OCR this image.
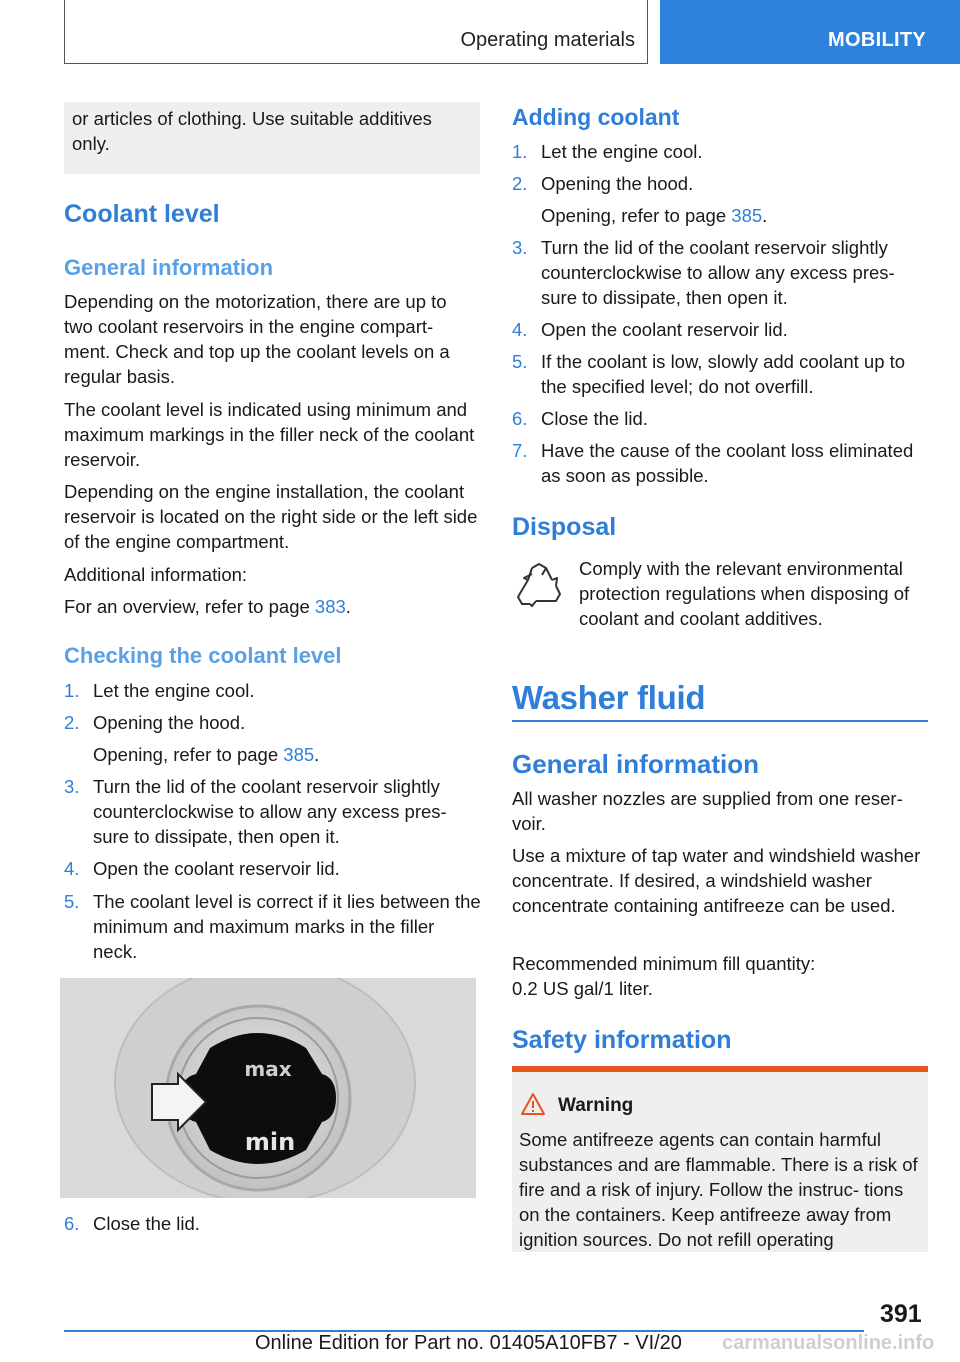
Operating materials	MOBILITY

or articles of clothing. Use suitable additives only.

Coolant level
General information

Depending on the motorization, there are up to two coolant reservoirs in the engine compart- ment. Check and top up the coolant levels on a regular basis.

The coolant level is indicated using minimum and maximum markings in the filler neck of the coolant reservoir.

Depending on the engine installation, the coolant reservoir is located on the right side or the left side of the engine compartment.

Additional information:

For an overview, refer to page 383.

Checking the coolant level
1. Let the engine cool.
2. Opening the hood.
Opening, refer to page 385.
3. Turn the lid of the coolant reservoir slightly counterclockwise to allow any excess pres- sure to dissipate, then open it.
4. Open the coolant reservoir lid.
5. The coolant level is correct if it lies between the minimum and maximum marks in the filler neck.
max
min
6. Close the lid.
Adding coolant
1. Let the engine cool.
2. Opening the hood.
Opening, refer to page 385.
3. Turn the lid of the coolant reservoir slightly counterclockwise to allow any excess pres- sure to dissipate, then open it.
4. Open the coolant reservoir lid.
5. If the coolant is low, slowly add coolant up to the specified level; do not overfill.
6. Close the lid.
7. Have the cause of the coolant loss eliminated as soon as possible.
Disposal

Comply with the relevant environmental protection regulations when disposing of coolant and coolant additives.

Washer fluid
General information

All washer nozzles are supplied from one reser- voir.

Use a mixture of tap water and windshield washer concentrate. If desired, a windshield washer concentrate containing antifreeze can be used.

Recommended minimum fill quantity:

0.2 US gal/1 liter.

Safety information
Warning

Some antifreeze agents can contain harmful substances and are flammable. There is a risk of fire and a risk of injury. Follow the instruc- tions on the containers. Keep antifreeze away from ignition sources. Do not refill operating

391
Online Edition for Part no. 01405A10FB7 - VI/20 carmanualsonline.info
